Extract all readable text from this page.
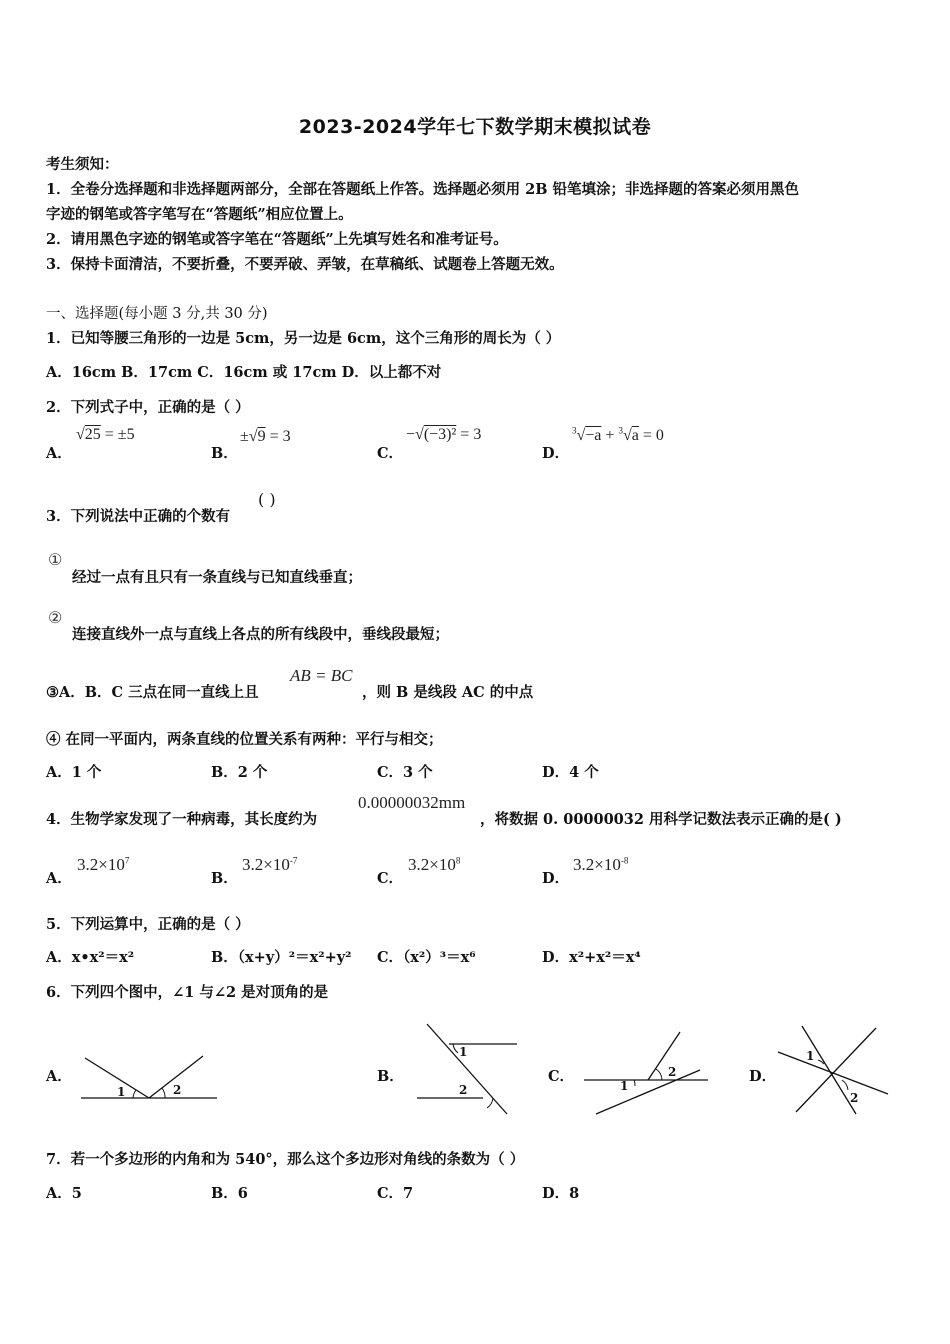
2023-2024学年七下数学期末模拟试卷
考生须知：
1．全卷分选择题和非选择题两部分，全部在答题纸上作答。选择题必须用 2B 铅笔填涂；非选择题的答案必须用黑色
字迹的钢笔或答字笔写在“答题纸”相应位置上。
2．请用黑色字迹的钢笔或答字笔在“答题纸”上先填写姓名和准考证号。
3．保持卡面清洁，不要折叠，不要弄破、弄皱，在草稿纸、试题卷上答题无效。
一、选择题(每小题 3 分,共 30 分)
1．已知等腰三角形的一边是 5cm，另一边是 6cm，这个三角形的周长为（ ）
A．16cm B．17cm C．16cm 或 17cm D．以上都不对
2．下列式子中，正确的是（ ）
A．
√25 = ±5
B．
±√9 = 3
C．
−√(−3)² = 3
D．
$^3$√−a + $^3$√a = 0
3．下列说法中正确的个数有
( )
①
经过一点有且只有一条直线与已知直线垂直；
②
连接直线外一点与直线上各点的所有线段中，垂线段最短；
③A．B．C 三点在同一直线上且
AB = BC
，则 B 是线段 AC 的中点
④ 在同一平面内，两条直线的位置关系有两种：平行与相交；
A．1 个	B．2 个	C．3 个	D．4 个
4．生物学家发现了一种病毒，其长度约为
0.00000032mm
，将数据 0. 00000032 用科学记数法表示正确的是( )
A．
$3.2\times 10^7$
B．
$3.2\times 10^{-7}$
C．
$3.2\times 10^8$
D．
$3.2\times 10^{-8}$
5．下列运算中，正确的是（ ）
A．x•x²＝x²	B．（x+y）²＝x²+y² C．（x²）³＝x⁶	D．x²+x²＝x⁴
6．下列四个图中，∠1 与∠2 是对顶角的是
A．	B．	C．	D．
1	2
1
2	1
2
1
2
7．若一个多边形的内角和为 540°，那么这个多边形对角线的条数为（ ）
A．5	B．6	C．7	D．8
